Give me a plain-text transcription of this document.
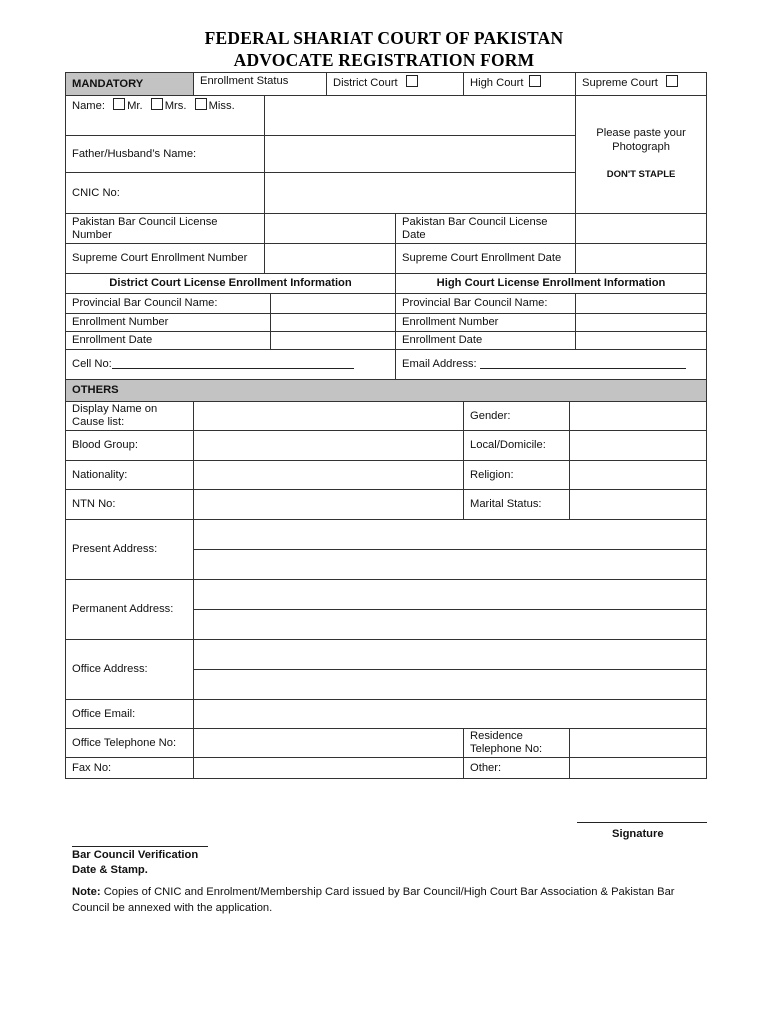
FEDERAL SHARIAT COURT OF PAKISTAN
ADVOCATE REGISTRATION FORM
MANDATORY	Enrollment Status			District Court		High Court		Supreme Court
Name: Mr. Mrs. Miss.								Please paste your Photograph
DON'T STAPLE

Father/Husband’s Name:								
CNIC No:								
Pakistan Bar Council License Number					Pakistan Bar Council License Date			
Supreme Court Enrollment Number					Supreme Court Enrollment Date			
District Court License Enrollment Information					High Court License Enrollment Information			
Provincial Bar Council Name:					Provincial Bar Council Name:			
Enrollment Number					Enrollment Number			
Enrollment Date					Enrollment Date			
Cell No:					Email Address:			
OTHERS								
Display Name on Cause list:						Gender:		
Blood Group:						Local/Domicile:		
Nationality:						Religion:		
NTN No:						Marital Status:		
Present Address:								

Permanent Address:								

Office Address:								

Office Email:								
Office Telephone No:						Residence Telephone No:		
Fax No:						Other:		
Signature
Bar Council Verification
Date & Stamp.
Note: Copies of CNIC and Enrolment/Membership Card issued by Bar Council/High Court Bar Association & Pakistan Bar Council be annexed with the application.
